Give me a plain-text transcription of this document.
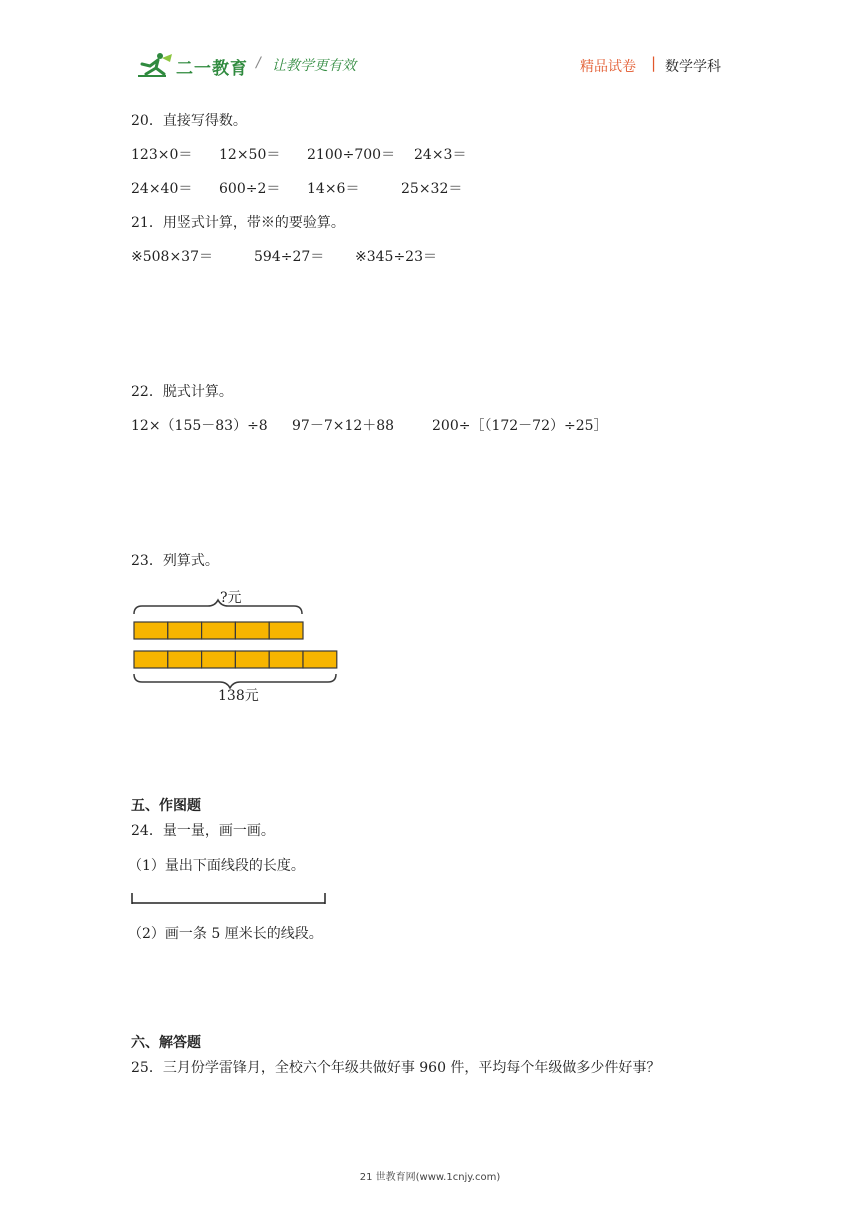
二一教育 / 让教学更有效	精品试卷 | 数学学科
20．直接写得数。
123×0＝ 12×50＝ 2100÷700＝ 24×3＝
24×40＝ 600÷2＝ 14×6＝	25×32＝
21．用竖式计算，带※的要验算。
※508×37＝	594÷27＝ ※345÷23＝
22．脱式计算。
12×（155－83）÷8 97－7×12＋88	200÷［（172－72）÷25］
23．列算式。
?元
138元
五、作图题
24．量一量，画一画。
（1）量出下面线段的长度。
（2）画一条 5 厘米长的线段。
六、解答题
25．三月份学雷锋月，全校六个年级共做好事 960 件，平均每个年级做多少件好事？
21 世教育网(www.1cnjy.com)
